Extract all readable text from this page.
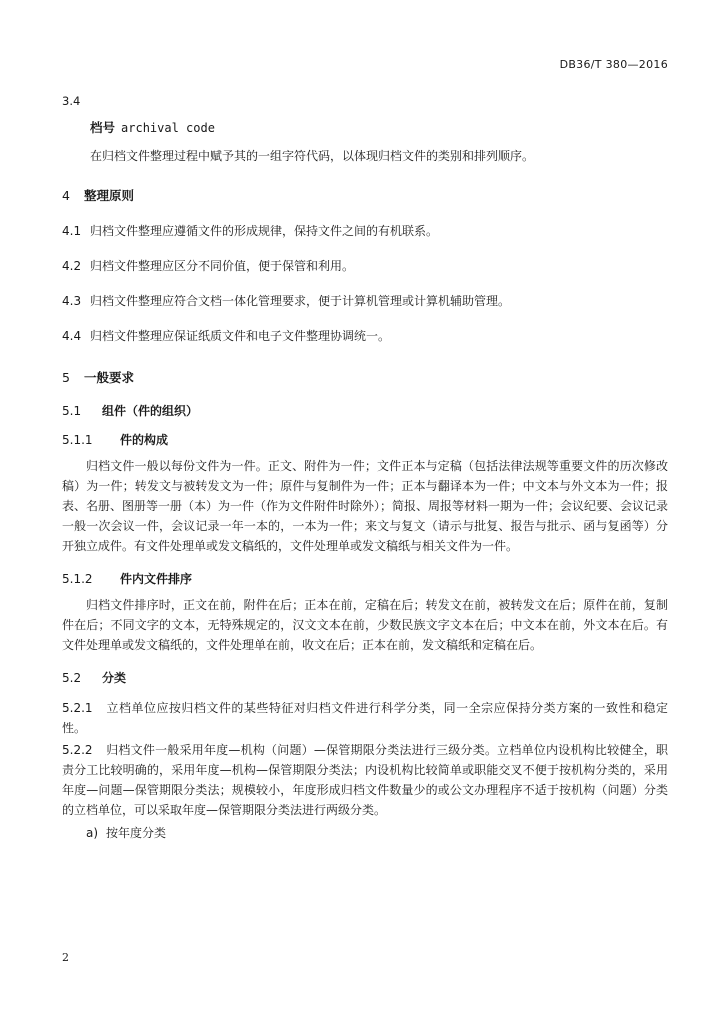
DB36/T 380—2016

3.4

档号 archival code

在归档文件整理过程中赋予其的一组字符代码，以体现归档文件的类别和排列顺序。

4 整理原则

4.1 归档文件整理应遵循文件的形成规律，保持文件之间的有机联系。

4.2 归档文件整理应区分不同价值，便于保管和利用。

4.3 归档文件整理应符合文档一体化管理要求，便于计算机管理或计算机辅助管理。

4.4 归档文件整理应保证纸质文件和电子文件整理协调统一。

5 一般要求

5.1 组件（件的组织）

5.1.1 件的构成

归档文件一般以每份文件为一件。正文、附件为一件；文件正本与定稿（包括法律法规等重要文件的历次修改稿）为一件；转发文与被转发文为一件；原件与复制件为一件；正本与翻译本为一件；中文本与外文本为一件；报表、名册、图册等一册（本）为一件（作为文件附件时除外）；简报、周报等材料一期为一件；会议纪要、会议记录一般一次会议一件，会议记录一年一本的，一本为一件；来文与复文（请示与批复、报告与批示、函与复函等）分开独立成件。有文件处理单或发文稿纸的，文件处理单或发文稿纸与相关文件为一件。

5.1.2 件内文件排序

归档文件排序时，正文在前，附件在后；正本在前，定稿在后；转发文在前，被转发文在后；原件在前，复制件在后；不同文字的文本，无特殊规定的，汉文文本在前，少数民族文字文本在后；中文本在前，外文本在后。有文件处理单或发文稿纸的，文件处理单在前，收文在后；正本在前，发文稿纸和定稿在后。

5.2 分类

5.2.1 立档单位应按归档文件的某些特征对归档文件进行科学分类，同一全宗应保持分类方案的一致性和稳定性。

5.2.2 归档文件一般采用年度—机构（问题）—保管期限分类法进行三级分类。立档单位内设机构比较健全，职责分工比较明确的，采用年度—机构—保管期限分类法；内设机构比较简单或职能交叉不便于按机构分类的，采用年度—问题—保管期限分类法；规模较小，年度形成归档文件数量少的或公文办理程序不适于按机构（问题）分类的立档单位，可以采取年度—保管期限分类法进行两级分类。

a) 按年度分类

2
